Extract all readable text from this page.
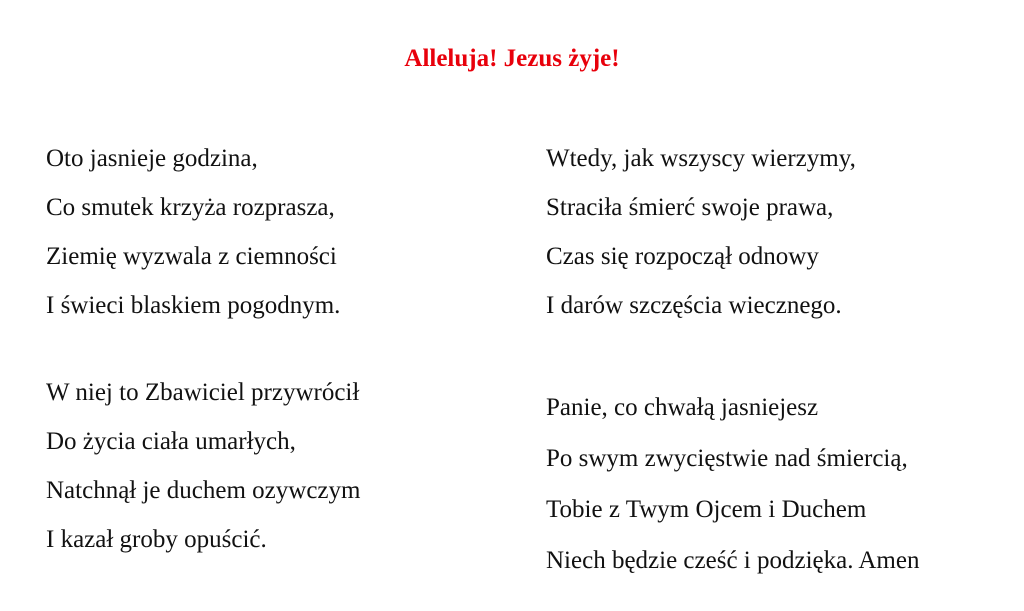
Alleluja! Jezus żyje!
Oto jasnieje godzina,
Co smutek krzyża rozprasza,
Ziemię wyzwala z ciemności
I świeci blaskiem pogodnym.
W niej to Zbawiciel przywrócił
Do życia ciała umarłych,
Natchnął je duchem ozywczym
I kazał groby opuścić.
Wtedy, jak wszyscy wierzymy,
Straciła śmierć swoje prawa,
Czas się rozpoczął odnowy
I darów szczęścia wiecznego.
Panie, co chwałą jasniejesz
Po swym zwycięstwie nad śmiercią,
Tobie z Twym Ojcem i Duchem
Niech będzie cześć i podzięka. Amen
